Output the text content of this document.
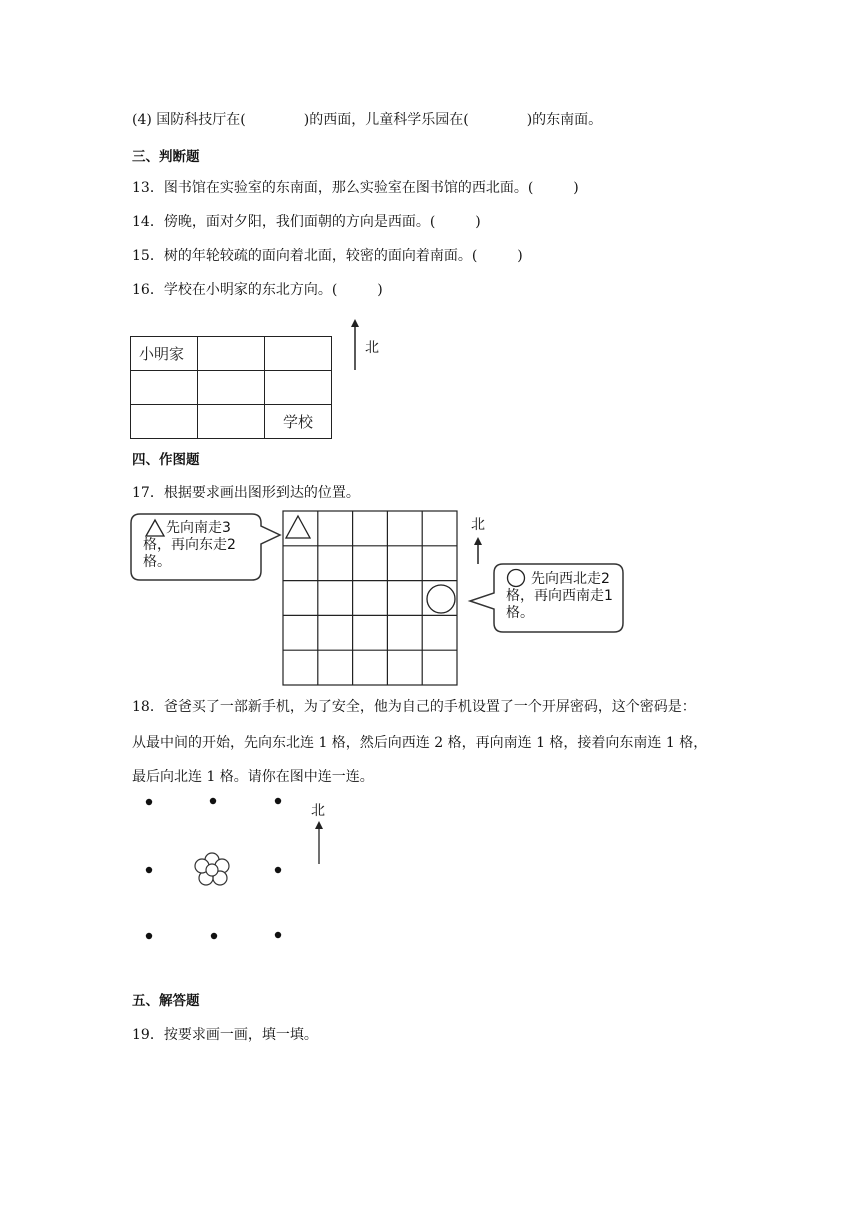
(4) 国防科技厅在(	)的西面，儿童科学乐园在(	)的东南面。
三、判断题
13．图书馆在实验室的东南面，那么实验室在图书馆的西北面。(	)
14．傍晚，面对夕阳，我们面朝的方向是西面。(	)
15．树的年轮较疏的面向着北面，较密的面向着南面。(	)
16．学校在小明家的东北方向。(	)
小明家		

		学校
北
四、作图题
17．根据要求画出图形到达的位置。
先向南走3格，再向东走2格。
北
先向西北走2格，再向西南走1格。
18．爸爸买了一部新手机，为了安全，他为自己的手机设置了一个开屏密码，这个密码是：
从最中间的开始，先向东北连 1 格，然后向西连 2 格，再向南连 1 格，接着向东南连 1 格，
最后向北连 1 格。请你在图中连一连。
北
五、解答题
19．按要求画一画，填一填。
